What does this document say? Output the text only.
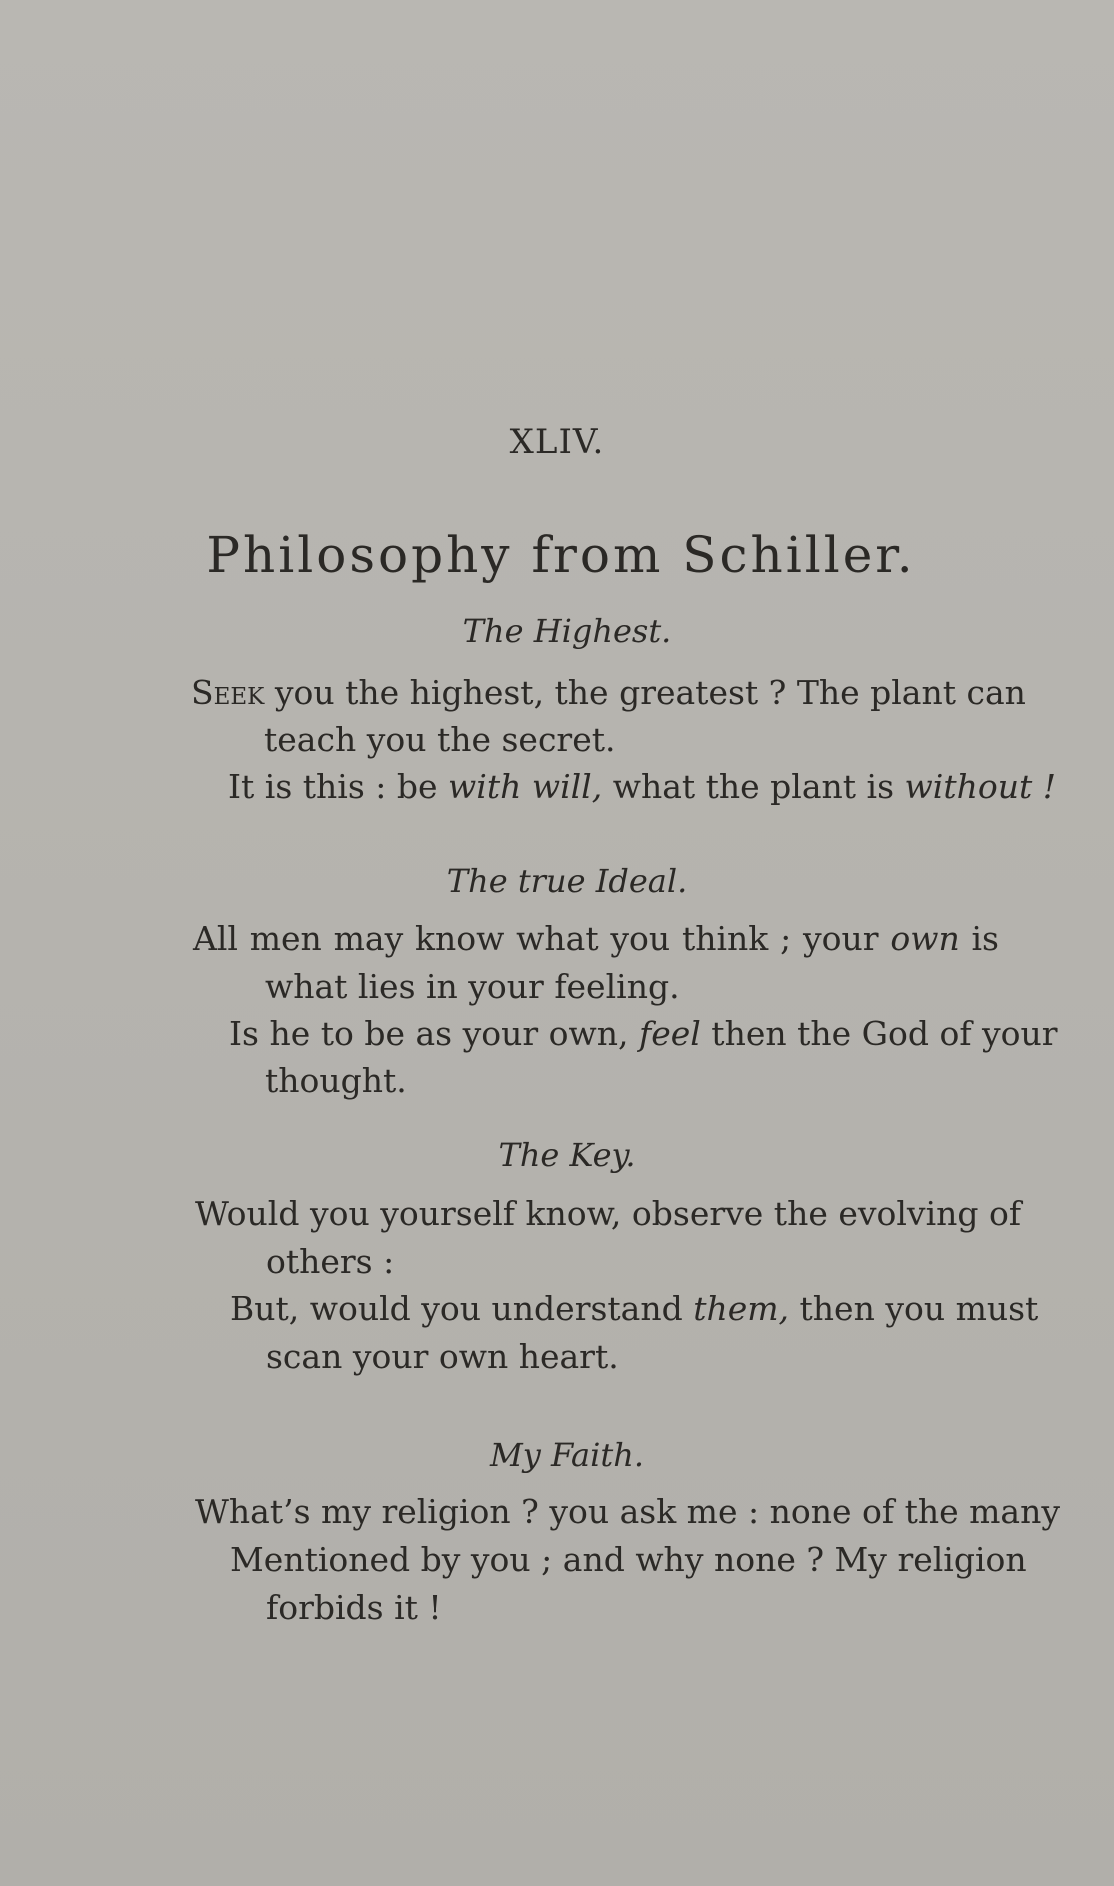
XLIV.
Philosophy from Schiller.
The Highest.
Seek you the highest, the greatest ? The plant can
teach you the secret.
It is this : be with will, what the plant is without !
The true Ideal.
All men may know what you think ; your own is
what lies in your feeling.
Is he to be as your own, feel then the God of your
thought.
The Key.
Would you yourself know, observe the evolving of
others :
But, would you understand them, then you must
scan your own heart.
My Faith.
What’s my religion ? you ask me : none of the many
Mentioned by you ; and why none ? My religion
forbids it !
